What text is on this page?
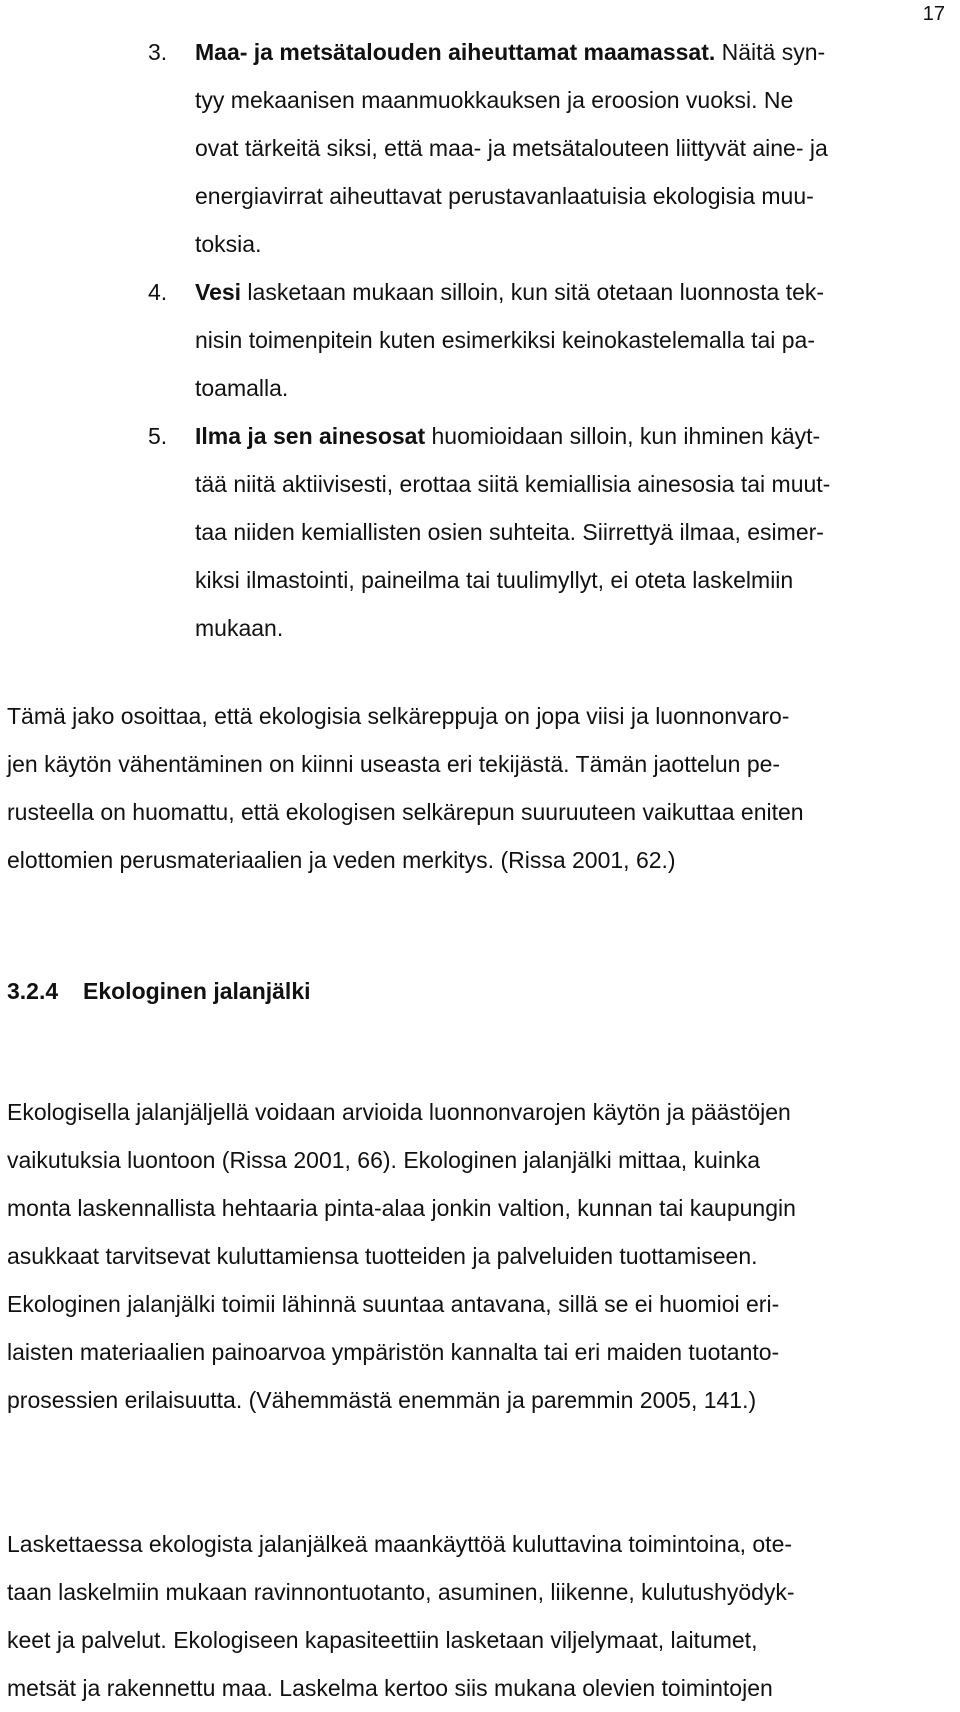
17
3.	Maa- ja metsätalouden aiheuttamat maamassat. Näitä syn-
tyy mekaanisen maanmuokkauksen ja eroosion vuoksi. Ne
ovat tärkeitä siksi, että maa- ja metsätalouteen liittyvät aine- ja
energiavirrat aiheuttavat perustavanlaatuisia ekologisia muu-
toksia.
4.	Vesi lasketaan mukaan silloin, kun sitä otetaan luonnosta tek-
nisin toimenpitein kuten esimerkiksi keinokastelemalla tai pa-
toamalla.
5.	Ilma ja sen ainesosat huomioidaan silloin, kun ihminen käyt-
tää niitä aktiivisesti, erottaa siitä kemiallisia ainesosia tai muut-
taa niiden kemiallisten osien suhteita. Siirrettyä ilmaa, esimer-
kiksi ilmastointi, paineilma tai tuulimyllyt, ei oteta laskelmiin
mukaan.
Tämä jako osoittaa, että ekologisia selkäreppuja on jopa viisi ja luonnonvaro-
jen käytön vähentäminen on kiinni useasta eri tekijästä. Tämän jaottelun pe-
rusteella on huomattu, että ekologisen selkärepun suuruuteen vaikuttaa eniten
elottomien perusmateriaalien ja veden merkitys. (Rissa 2001, 62.)
3.2.4 Ekologinen jalanjälki
Ekologisella jalanjäljellä voidaan arvioida luonnonvarojen käytön ja päästöjen
vaikutuksia luontoon (Rissa 2001, 66). Ekologinen jalanjälki mittaa, kuinka
monta laskennallista hehtaaria pinta-alaa jonkin valtion, kunnan tai kaupungin
asukkaat tarvitsevat kuluttamiensa tuotteiden ja palveluiden tuottamiseen.
Ekologinen jalanjälki toimii lähinnä suuntaa antavana, sillä se ei huomioi eri-
laisten materiaalien painoarvoa ympäristön kannalta tai eri maiden tuotanto-
prosessien erilaisuutta. (Vähemmästä enemmän ja paremmin 2005, 141.)
Laskettaessa ekologista jalanjälkeä maankäyttöä kuluttavina toimintoina, ote-
taan laskelmiin mukaan ravinnontuotanto, asuminen, liikenne, kulutushyödyk-
keet ja palvelut. Ekologiseen kapasiteettiin lasketaan viljelymaat, laitumet,
metsät ja rakennettu maa. Laskelma kertoo siis mukana olevien toimintojen
